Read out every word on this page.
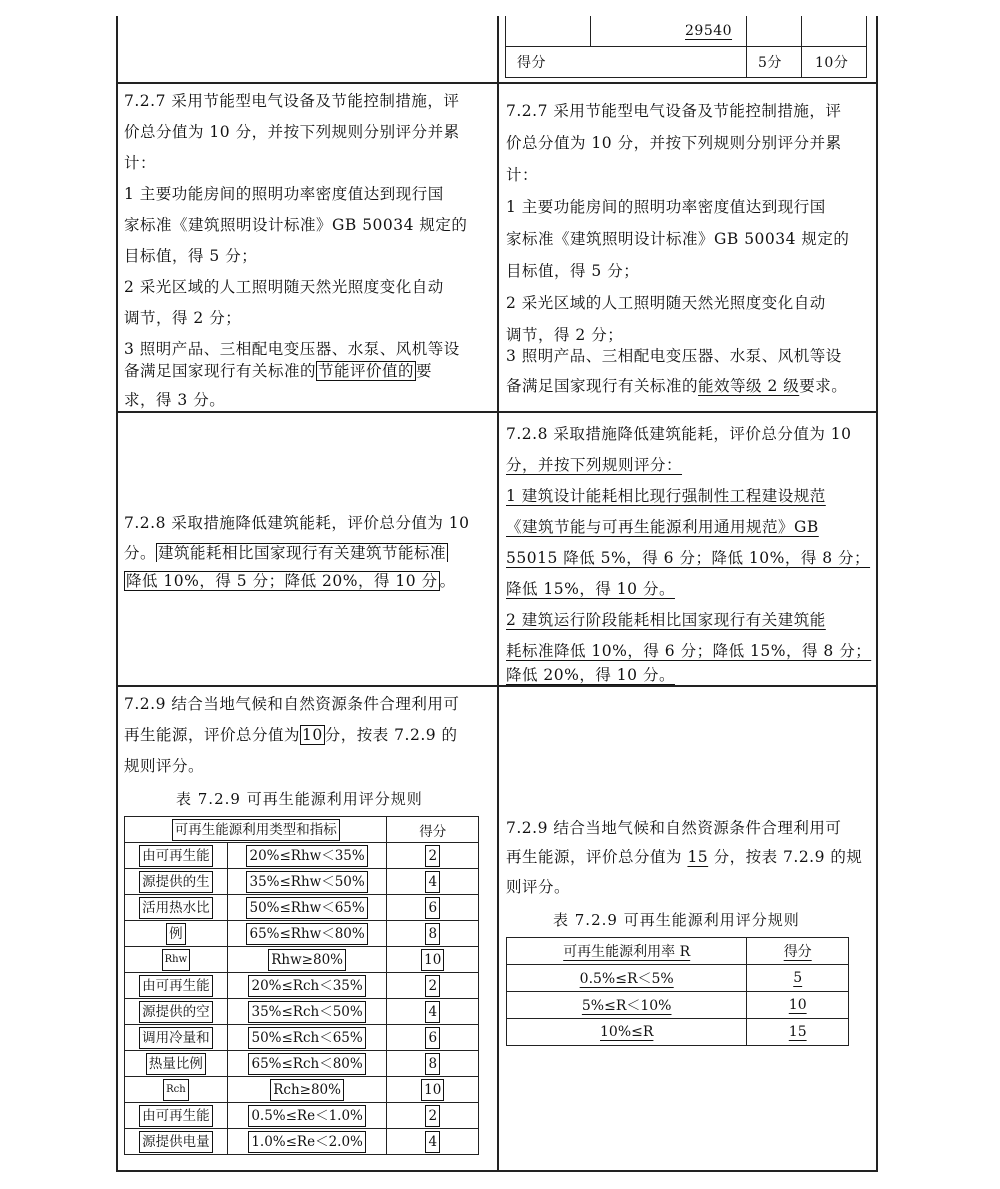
29540
得分	5分 10分
7.2.7 采用节能型电气设备及节能控制措施，评
价总分值为 10 分，并按下列规则分别评分并累
计：
1 主要功能房间的照明功率密度值达到现行国
家标准《建筑照明设计标准》GB 50034 规定的
目标值，得 5 分；
2 采光区域的人工照明随天然光照度变化自动
调节，得 2 分；
3 照明产品、三相配电变压器、水泵、风机等设
备满足国家现行有关标准的 节能评价值的 要
求，得 3 分。
7.2.7 采用节能型电气设备及节能控制措施，评
价总分值为 10 分，并按下列规则分别评分并累
计：
1 主要功能房间的照明功率密度值达到现行国
家标准《建筑照明设计标准》GB 50034 规定的
目标值，得 5 分；
2 采光区域的人工照明随天然光照度变化自动
调节，得 2 分；
3 照明产品、三相配电变压器、水泵、风机等设
备满足国家现行有关标准的能效等级 2 级要求。
7.2.8 采取措施降低建筑能耗，评价总分值为 10
分。 建筑能耗相比国家现行有关建筑节能标准
降低 10%，得 5 分；降低 20%，得 10 分 。
7.2.8 采取措施降低建筑能耗，评价总分值为 10
分，并按下列规则评分：
1 建筑设计能耗相比现行强制性工程建设规范
《建筑节能与可再生能源利用通用规范》GB
55015 降低 5%，得 6 分；降低 10%，得 8 分；
降低 15%，得 10 分。
2 建筑运行阶段能耗相比国家现行有关建筑能
耗标准降低 10%，得 6 分；降低 15%，得 8 分；
降低 20%，得 10 分。
7.2.9 结合当地气候和自然资源条件合理利用可
再生能源，评价总分值为 10 分，按表 7.2.9 的
规则评分。
表 7.2.9 可再生能源利用评分规则
可再生能源利用类型和指标		得分
由可再生能	20%≤Rhw＜35%	2
源提供的生	35%≤Rhw＜50%	4
活用热水比	50%≤Rhw＜65%	6
例	65%≤Rhw＜80%	8
Rhw	Rhw≥80%	10
由可再生能	20%≤Rch＜35%	2
源提供的空	35%≤Rch＜50%	4
调用冷量和	50%≤Rch＜65%	6
热量比例	65%≤Rch＜80%	8
Rch	Rch≥80%	10
由可再生能	0.5%≤Re＜1.0%	2
源提供电量	1.0%≤Re＜2.0%	4
7.2.9 结合当地气候和自然资源条件合理利用可
再生能源，评价总分值为 15 分，按表 7.2.9 的规
则评分。
表 7.2.9 可再生能源利用评分规则
可再生能源利用率 R	得分
0.5%≤R＜5%	5
5%≤R＜10%	10
10%≤R	15
